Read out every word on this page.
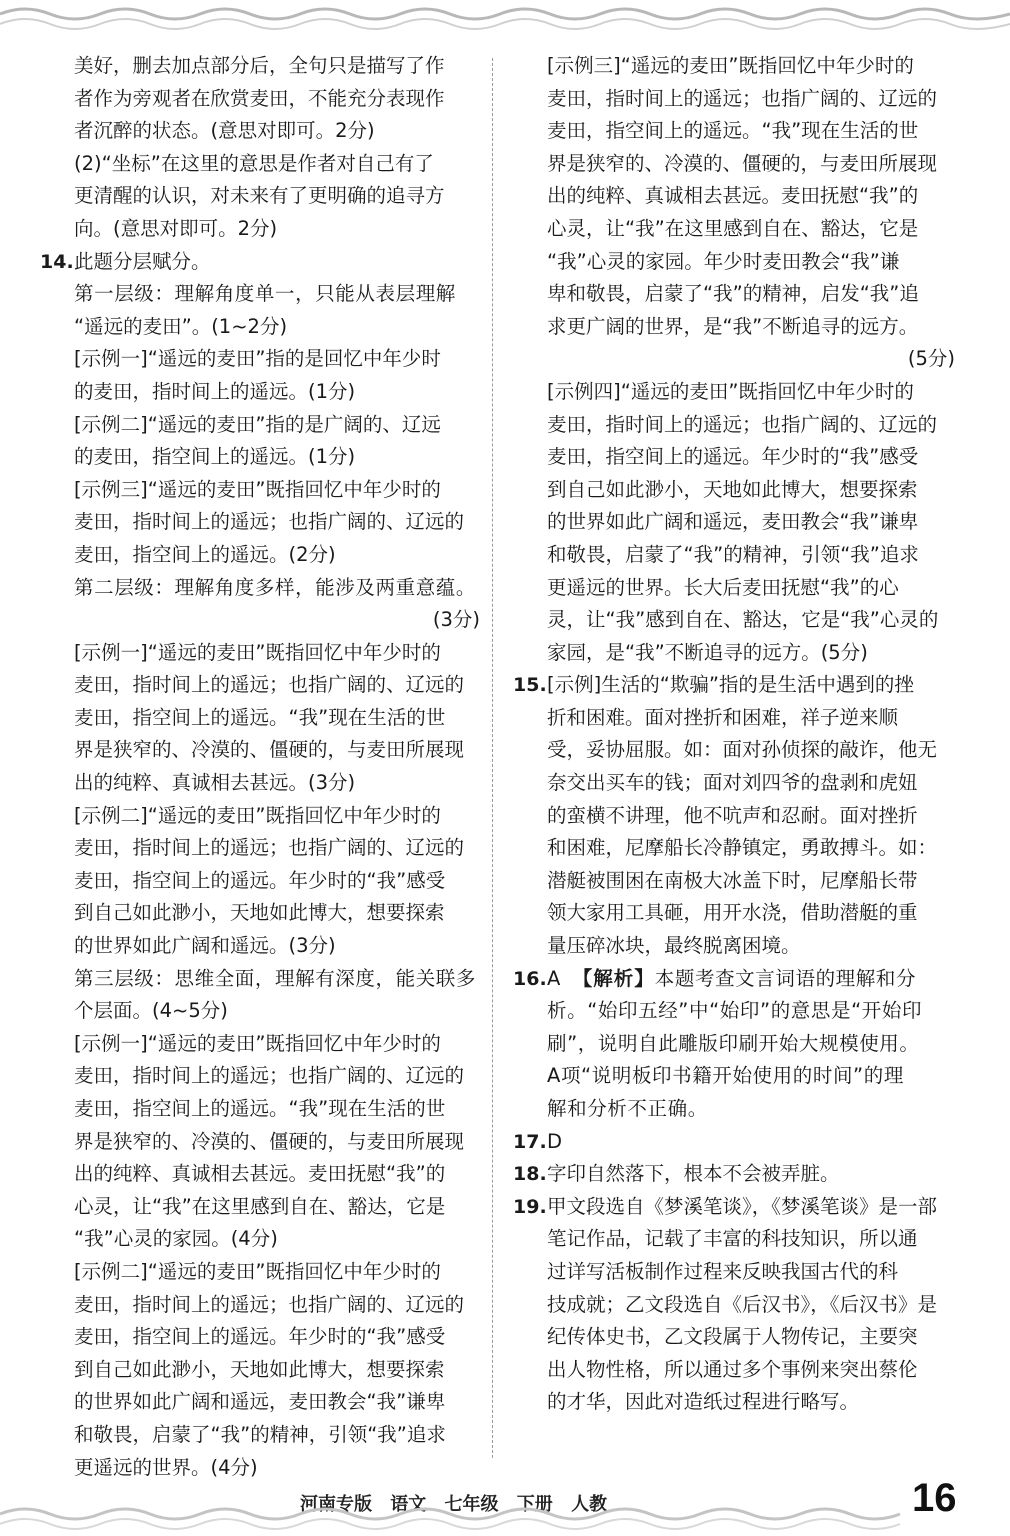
美好，删去加点部分后，全句只是描写了作
者作为旁观者在欣赏麦田，不能充分表现作
者沉醉的状态。(意思对即可。2分)
(2)“坐标”在这里的意思是作者对自己有了
更清醒的认识，对未来有了更明确的追寻方
向。(意思对即可。2分)
14.此题分层赋分。
第一层级：理解角度单一，只能从表层理解
“遥远的麦田”。(1~2分)
[示例一]“遥远的麦田”指的是回忆中年少时
的麦田，指时间上的遥远。(1分)
[示例二]“遥远的麦田”指的是广阔的、辽远
的麦田，指空间上的遥远。(1分)
[示例三]“遥远的麦田”既指回忆中年少时的
麦田，指时间上的遥远；也指广阔的、辽远的
麦田，指空间上的遥远。(2分)
第二层级：理解角度多样，能涉及两重意蕴。
(3分)
[示例一]“遥远的麦田”既指回忆中年少时的
麦田，指时间上的遥远；也指广阔的、辽远的
麦田，指空间上的遥远。“我”现在生活的世
界是狭窄的、冷漠的、僵硬的，与麦田所展现
出的纯粹、真诚相去甚远。(3分)
[示例二]“遥远的麦田”既指回忆中年少时的
麦田，指时间上的遥远；也指广阔的、辽远的
麦田，指空间上的遥远。年少时的“我”感受
到自己如此渺小，天地如此博大，想要探索
的世界如此广阔和遥远。(3分)
第三层级：思维全面，理解有深度，能关联多
个层面。(4~5分)
[示例一]“遥远的麦田”既指回忆中年少时的
麦田，指时间上的遥远；也指广阔的、辽远的
麦田，指空间上的遥远。“我”现在生活的世
界是狭窄的、冷漠的、僵硬的，与麦田所展现
出的纯粹、真诚相去甚远。麦田抚慰“我”的
心灵，让“我”在这里感到自在、豁达，它是
“我”心灵的家园。(4分)
[示例二]“遥远的麦田”既指回忆中年少时的
麦田，指时间上的遥远；也指广阔的、辽远的
麦田，指空间上的遥远。年少时的“我”感受
到自己如此渺小，天地如此博大，想要探索
的世界如此广阔和遥远，麦田教会“我”谦卑
和敬畏，启蒙了“我”的精神，引领“我”追求
更遥远的世界。(4分)
[示例三]“遥远的麦田”既指回忆中年少时的
麦田，指时间上的遥远；也指广阔的、辽远的
麦田，指空间上的遥远。“我”现在生活的世
界是狭窄的、冷漠的、僵硬的，与麦田所展现
出的纯粹、真诚相去甚远。麦田抚慰“我”的
心灵，让“我”在这里感到自在、豁达，它是
“我”心灵的家园。年少时麦田教会“我”谦
卑和敬畏，启蒙了“我”的精神，启发“我”追
求更广阔的世界，是“我”不断追寻的远方。
(5分)
[示例四]“遥远的麦田”既指回忆中年少时的
麦田，指时间上的遥远；也指广阔的、辽远的
麦田，指空间上的遥远。年少时的“我”感受
到自己如此渺小，天地如此博大，想要探索
的世界如此广阔和遥远，麦田教会“我”谦卑
和敬畏，启蒙了“我”的精神，引领“我”追求
更遥远的世界。长大后麦田抚慰“我”的心
灵，让“我”感到自在、豁达，它是“我”心灵的
家园，是“我”不断追寻的远方。(5分)
15.[示例]生活的“欺骗”指的是生活中遇到的挫
折和困难。面对挫折和困难，祥子逆来顺
受，妥协屈服。如：面对孙侦探的敲诈，他无
奈交出买车的钱；面对刘四爷的盘剥和虎妞
的蛮横不讲理，他不吭声和忍耐。面对挫折
和困难，尼摩船长冷静镇定，勇敢搏斗。如：
潜艇被围困在南极大冰盖下时，尼摩船长带
领大家用工具砸，用开水浇，借助潜艇的重
量压碎冰块，最终脱离困境。
16.A 【解析】本题考查文言词语的理解和分
析。“始印五经”中“始印”的意思是“开始印
刷”，说明自此雕版印刷开始大规模使用。
A项“说明板印书籍开始使用的时间”的理
解和分析不正确。
17.D
18.字印自然落下，根本不会被弄脏。
19.甲文段选自《梦溪笔谈》，《梦溪笔谈》是一部
笔记作品，记载了丰富的科技知识，所以通
过详写活板制作过程来反映我国古代的科
技成就；乙文段选自《后汉书》，《后汉书》是
纪传体史书，乙文段属于人物传记，主要突
出人物性格，所以通过多个事例来突出蔡伦
的才华，因此对造纸过程进行略写。
河南专版 语文 七年级 下册 人教	16
